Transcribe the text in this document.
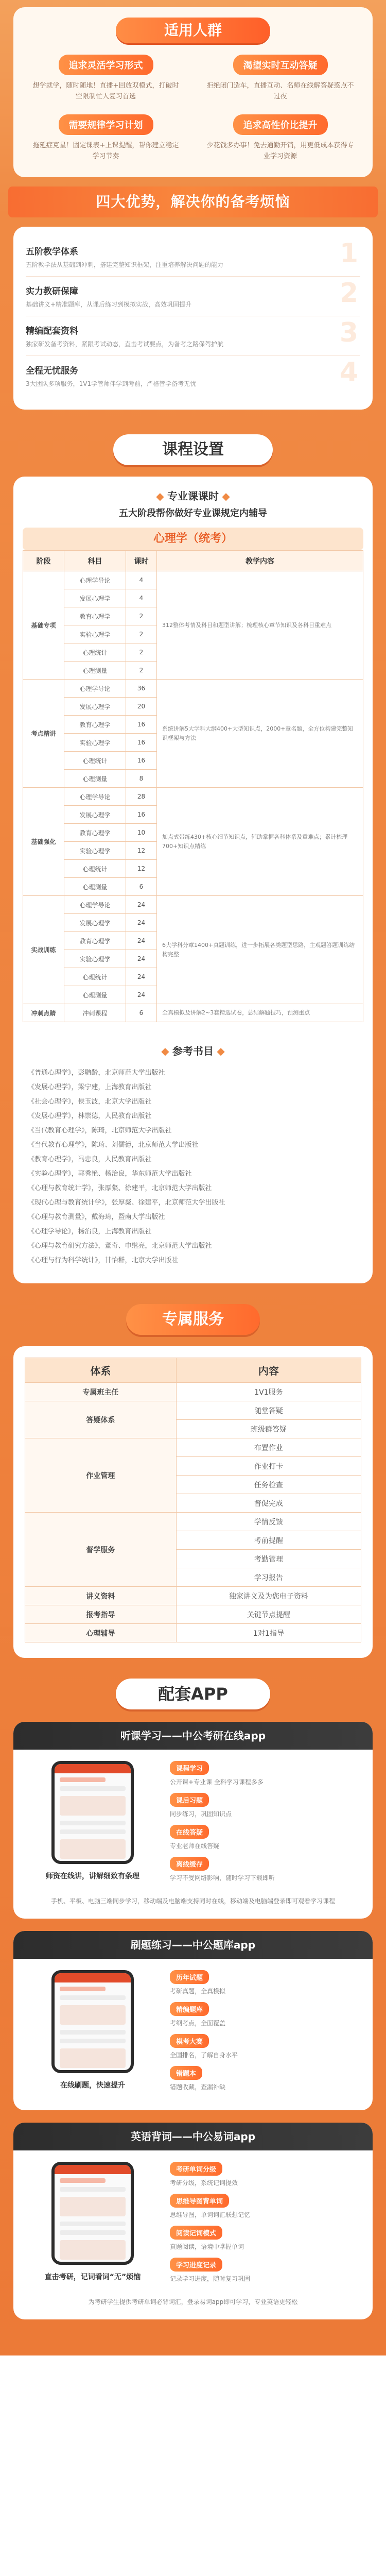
适用人群
追求灵活学习形式
想学就学，随时随地！直播+回放双模式，打破时空限制忙人复习首选
渴望实时互动答疑
拒绝闭门造车，直播互动、名师在线解答疑惑点不过夜
需要规律学习计划
拖延症克星！固定课表+上课提醒，帮你建立稳定学习节奏
追求高性价比提升
少花钱多办事！免去通勤开销，用更低成本获得专业学习资源
四大优势，解决你的备考烦恼
1
五阶教学体系
五阶教学法从基础到冲刺，搭建完整知识框架，注重培养解决问题的能力
2
实力教研保障
基础讲义+精准题库，从课后练习到模拟实战，高效巩固提升
3
精编配套资料
独家研发备考资料，紧跟考试动态，直击考试要点，为备考之路保驾护航
4
全程无忧服务
3大团队多项服务，1V1学管师伴学到考前，严格管学备考无忧
课程设置
◆ 专业课课时 ◆
五大阶段帮你做好专业课规定内辅导
心理学（统考）
阶段	科目	课时	教学内容
基础专项	心理学导论	4	312整体考情及科目和题型讲解；梳理核心章节知识及各科目重难点
	发展心理学	4	
	教育心理学	2	
	实验心理学	2	
	心理统计	2	
	心理测量	2	
考点精讲	心理学导论	36	系统讲解5大学科大纲400+大型知识点，2000+章名题，全方位构建完整知识框架与方法
	发展心理学	20	
	教育心理学	16	
	实验心理学	16	
	心理统计	16	
	心理测量	8	
基础强化	心理学导论	28	加点式带练430+核心细节知识点，辅助掌握各科体系及重难点；累计梳理700+知识点精练
	发展心理学	16	
	教育心理学	10	
	实验心理学	12	
	心理统计	12	
	心理测量	6	
实战训练	心理学导论	24	6大学科分章1400+真题训练，进一步拓展各类题型思路，主观题答题训练结构完整
	发展心理学	24	
	教育心理学	24	
	实验心理学	24	
	心理统计	24	
	心理测量	24	
冲刺点睛	冲刺课程	6	全真模拟及讲解2~3套精选试卷，总结解题技巧，预测重点
◆ 参考书目 ◆
《普通心理学》，彭聃龄，北京师范大学出版社
《发展心理学》，梁宁建，上海教育出版社
《社会心理学》，侯玉波，北京大学出版社
《发展心理学》，林崇德，人民教育出版社
《当代教育心理学》，陈琦，北京师范大学出版社
《当代教育心理学》，陈琦、刘儒德，北京师范大学出版社
《教育心理学》，冯忠良，人民教育出版社
《实验心理学》，郭秀艳、杨治良，华东师范大学出版社
《心理与教育统计学》，张厚粲、徐建平，北京师范大学出版社
《现代心理与教育统计学》，张厚粲、徐建平，北京师范大学出版社
《心理与教育测量》，戴海琦，暨南大学出版社
《心理学导论》，杨治良，上海教育出版社
《心理与教育研究方法》，董奇、申继亮，北京师范大学出版社
《心理与行为科学统计》，甘怡群，北京大学出版社
专属服务
体系	内容
专属班主任	1V1服务
答疑体系	随堂答疑
	班级群答疑
作业管理	布置作业
	作业打卡
	任务检查
	督促完成
督学服务	学情反馈
	考前提醒
	考勤管理
	学习报告
讲义资料	独家讲义及为您电子资料
报考指导	关键节点提醒
心理辅导	1对1指导
配套APP
听课学习——中公考研在线app
师资在线讲，讲解细致有条理
课程学习
公开课+专业课 全科学习课程多多
课后习题
同步练习，巩固知识点
在线答疑
专业老师在线答疑
离线缓存
学习不受网络影响，随时学习下载即听
手机、平板、电脑三端同步学习，移动端及电脑端支持同时在线，移动端及电脑端登录即可观看学习课程
刷题练习——中公题库app
在线刷题，快速提升
历年试题
考研真题，全真模拟
精编题库
考纲考点，全面覆盖
模考大赛
全国排名，了解自身水平
错题本
错题收藏，查漏补缺
英语背词——中公易词app
直击考研，记词看词“无”烦恼
考研单词分级
考研分级，系统记词提效
思维导图背单词
思维导图，单词词汇联想记忆
阅读记词模式
真题阅读，语境中掌握单词
学习进度记录
记录学习进度，随时复习巩固
为考研学生提供考研单词必背词汇，登录易词app即可学习，专业英语更轻松
